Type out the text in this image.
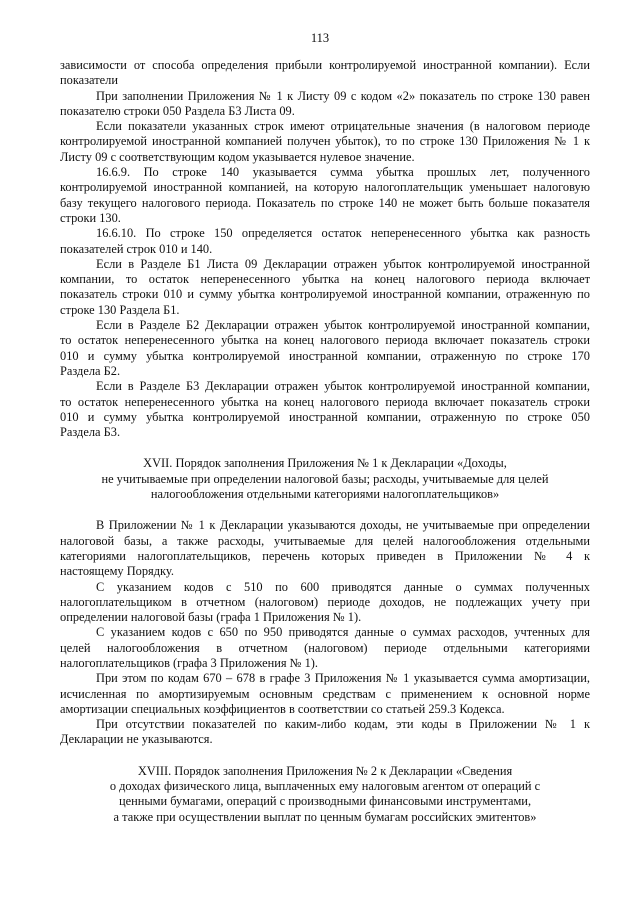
113
зависимости от способа определения прибыли контролируемой иностранной компании). Если
показатели
При заполнении Приложения № 1 к Листу 09 с кодом «2» показатель по строке 130 равен
показателю строки 050 Раздела Б3 Листа 09.
Если показатели указанных строк имеют отрицательные значения (в налоговом периоде
контролируемой иностранной компанией получен убыток), то по строке 130 Приложения № 1 к
Листу 09 с соответствующим кодом указывается нулевое значение.
16.6.9. По строке 140 указывается сумма убытка прошлых лет, полученного
контролируемой иностранной компанией, на которую налогоплательщик уменьшает налоговую
базу текущего налогового периода. Показатель по строке 140 не может быть больше показателя
строки 130.
16.6.10. По строке 150 определяется остаток неперенесенного убытка как разность
показателей строк 010 и 140.
Если в Разделе Б1 Листа 09 Декларации отражен убыток контролируемой иностранной
компании, то остаток неперенесенного убытка на конец налогового периода включает
показатель строки 010 и сумму убытка контролируемой иностранной компании, отраженную по
строке 130 Раздела Б1.
Если в Разделе Б2 Декларации отражен убыток контролируемой иностранной компании,
то остаток неперенесенного убытка на конец налогового периода включает показатель строки
010 и сумму убытка контролируемой иностранной компании, отраженную по строке 170
Раздела Б2.
Если в Разделе Б3 Декларации отражен убыток контролируемой иностранной компании,
то остаток неперенесенного убытка на конец налогового периода включает показатель строки
010 и сумму убытка контролируемой иностранной компании, отраженную по строке 050
Раздела Б3.
XVII. Порядок заполнения Приложения № 1 к Декларации «Доходы,
не учитываемые при определении налоговой базы; расходы, учитываемые для целей
налогообложения отдельными категориями налогоплательщиков»
В Приложении № 1 к Декларации указываются доходы, не учитываемые при определении
налоговой базы, а также расходы, учитываемые для целей налогообложения отдельными
категориями налогоплательщиков, перечень которых приведен в Приложении № 4 к
настоящему Порядку.
С указанием кодов с 510 по 600 приводятся данные о суммах полученных
налогоплательщиком в отчетном (налоговом) периоде доходов, не подлежащих учету при
определении налоговой базы (графа 1 Приложения № 1).
С указанием кодов с 650 по 950 приводятся данные о суммах расходов, учтенных для
целей налогообложения в отчетном (налоговом) периоде отдельными категориями
налогоплательщиков (графа 3 Приложения № 1).
При этом по кодам 670 – 678 в графе 3 Приложения № 1 указывается сумма амортизации,
исчисленная по амортизируемым основным средствам с применением к основной норме
амортизации специальных коэффициентов в соответствии со статьей 259.3 Кодекса.
При отсутствии показателей по каким-либо кодам, эти коды в Приложении № 1 к
Декларации не указываются.
XVIII. Порядок заполнения Приложения № 2 к Декларации «Сведения
о доходах физического лица, выплаченных ему налоговым агентом от операций с
ценными бумагами, операций с производными финансовыми инструментами,
а также при осуществлении выплат по ценным бумагам российских эмитентов»
